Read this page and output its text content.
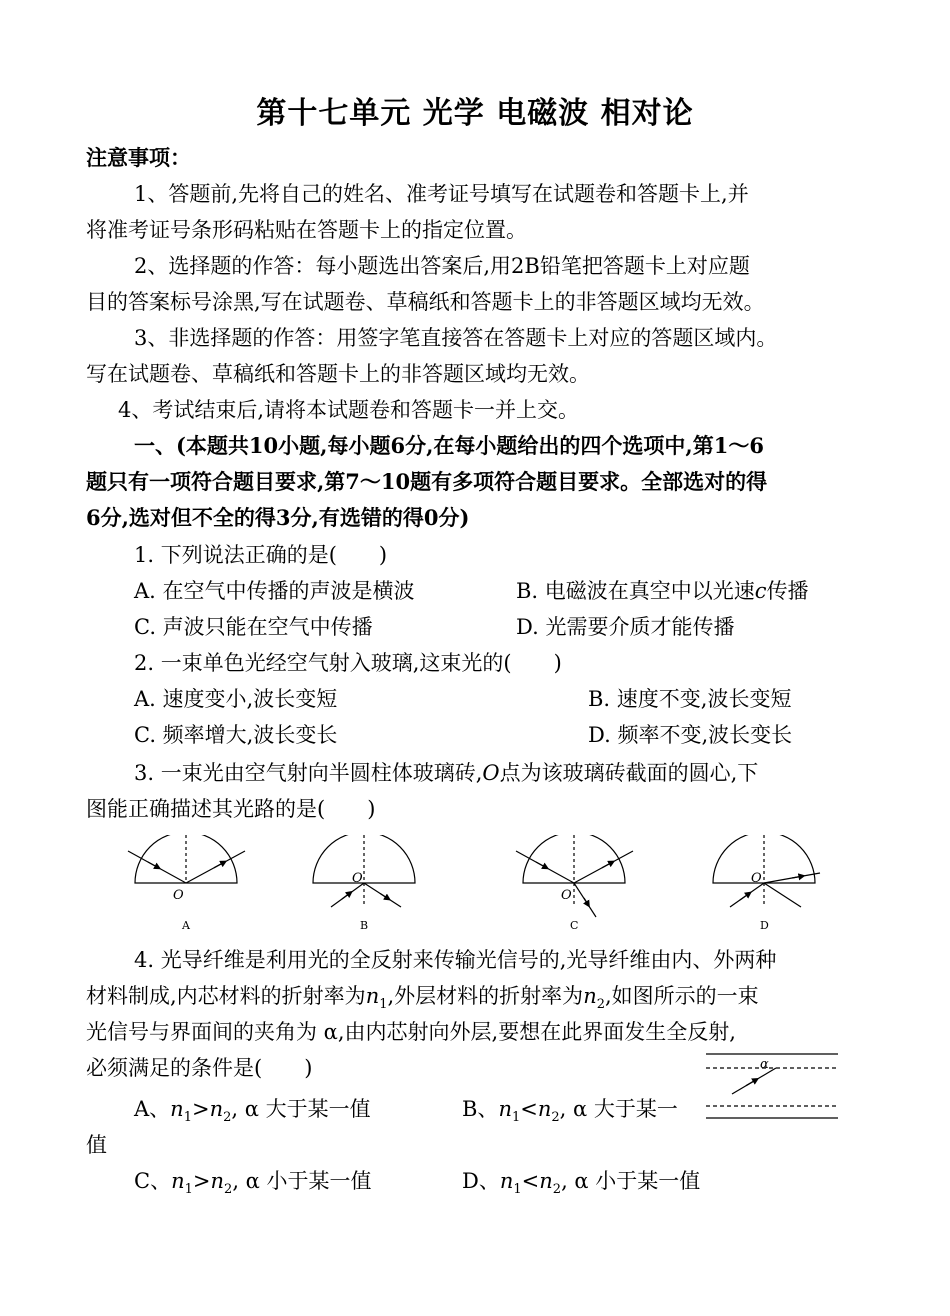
第十七单元 光学 电磁波 相对论
注意事项：
1、答题前,先将自己的姓名、准考证号填写在试题卷和答题卡上,并
将准考证号条形码粘贴在答题卡上的指定位置。
2、选择题的作答：每小题选出答案后,用2B铅笔把答题卡上对应题
目的答案标号涂黑,写在试题卷、草稿纸和答题卡上的非答题区域均无效。
3、非选择题的作答：用签字笔直接答在答题卡上对应的答题区域内。
写在试题卷、草稿纸和答题卡上的非答题区域均无效。
4、考试结束后,请将本试题卷和答题卡一并上交。
一、(本题共10小题,每小题6分,在每小题给出的四个选项中,第1～6
题只有一项符合题目要求,第7～10题有多项符合题目要求。全部选对的得
6分,选对但不全的得3分,有选错的得0分)
1. 下列说法正确的是(　　)
A. 在空气中传播的声波是横波	B. 电磁波在真空中以光速c传播
C. 声波只能在空气中传播	D. 光需要介质才能传播
2. 一束单色光经空气射入玻璃,这束光的(　　)
A. 速度变小,波长变短	B. 速度不变,波长变短
C. 频率增大,波长变长	D. 频率不变,波长变长
3. 一束光由空气射向半圆柱体玻璃砖,O点为该玻璃砖截面的圆心,下
图能正确描述其光路的是(　　)
O
O
O
O
A	B	C	D
4. 光导纤维是利用光的全反射来传输光信号的,光导纤维由内、外两种
材料制成,内芯材料的折射率为$n_1$,外层材料的折射率为$n_2$,如图所示的一束
光信号与界面间的夹角为 α,由内芯射向外层,要想在此界面发生全反射,
必须满足的条件是(　　)	α
A、$n_1>n_2$, α 大于某一值	B、$n_1<n_2$, α 大于某一
值
C、$n_1>n_2$, α 小于某一值	D、$n_1<n_2$, α 小于某一值
